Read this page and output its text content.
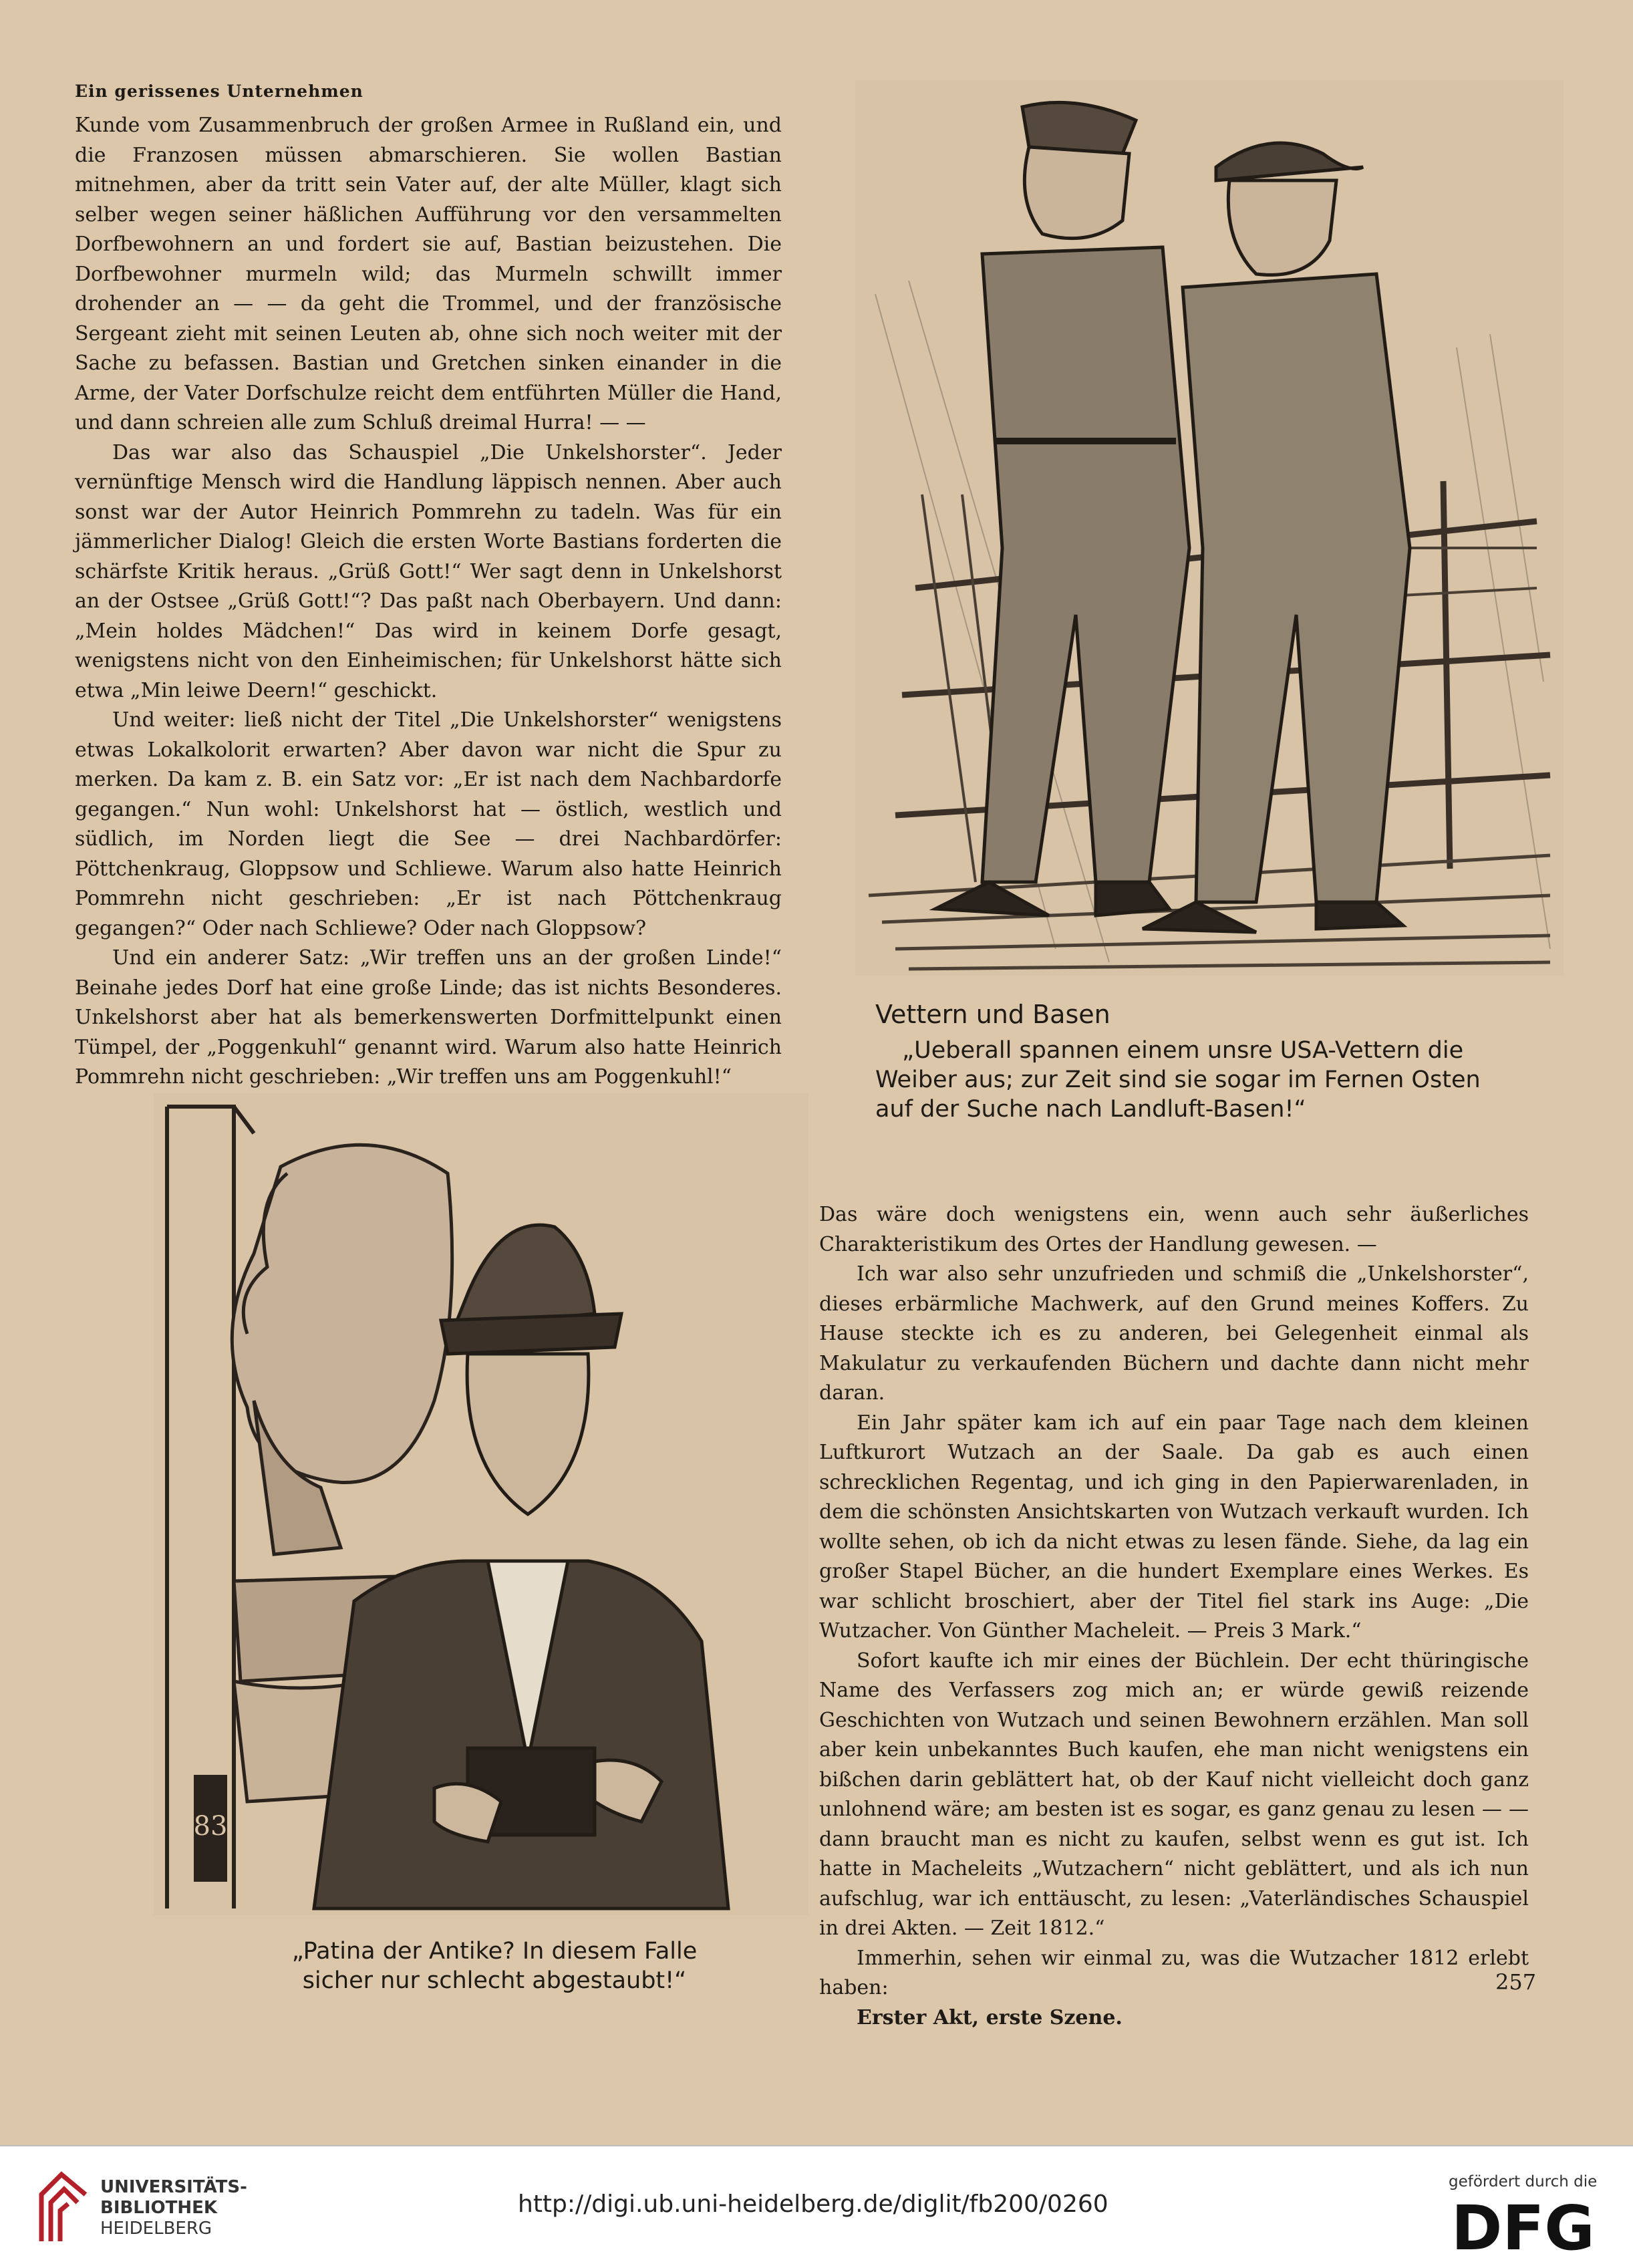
Ein gerissenes Unternehmen

Kunde vom Zusammenbruch der großen Armee in Rußland ein, und die Franzosen müssen abmarschieren. Sie wollen Bastian mitnehmen, aber da tritt sein Vater auf, der alte Müller, klagt sich selber wegen seiner häßlichen Aufführung vor den versammelten Dorfbewohnern an und fordert sie auf, Bastian beizustehen. Die Dorfbewohner murmeln wild; das Murmeln schwillt immer drohender an — — da geht die Trommel, und der französische Sergeant zieht mit seinen Leuten ab, ohne sich noch weiter mit der Sache zu befassen. Bastian und Gretchen sinken einander in die Arme, der Vater Dorfschulze reicht dem entführten Müller die Hand, und dann schreien alle zum Schluß dreimal Hurra! — —

Das war also das Schauspiel „Die Unkelshorster“. Jeder vernünftige Mensch wird die Handlung läppisch nennen. Aber auch sonst war der Autor Heinrich Pommrehn zu tadeln. Was für ein jämmerlicher Dialog! Gleich die ersten Worte Bastians forderten die schärfste Kritik heraus. „Grüß Gott!“ Wer sagt denn in Unkelshorst an der Ostsee „Grüß Gott!“? Das paßt nach Oberbayern. Und dann: „Mein holdes Mädchen!“ Das wird in keinem Dorfe gesagt, wenigstens nicht von den Einheimischen; für Unkelshorst hätte sich etwa „Min leiwe Deern!“ geschickt.

Und weiter: ließ nicht der Titel „Die Unkelshorster“ wenigstens etwas Lokalkolorit erwarten? Aber davon war nicht die Spur zu merken. Da kam z. B. ein Satz vor: „Er ist nach dem Nachbardorfe gegangen.“ Nun wohl: Unkelshorst hat — östlich, westlich und südlich, im Norden liegt die See — drei Nachbardörfer: Pöttchenkraug, Gloppsow und Schliewe. Warum also hatte Heinrich Pommrehn nicht geschrieben: „Er ist nach Pöttchenkraug gegangen?“ Oder nach Schliewe? Oder nach Gloppsow?

Und ein anderer Satz: „Wir treffen uns an der großen Linde!“ Beinahe jedes Dorf hat eine große Linde; das ist nichts Besonderes. Unkelshorst aber hat als bemerkenswerten Dorfmittelpunkt einen Tümpel, der „Poggenkuhl“ genannt wird. Warum also hatte Heinrich Pommrehn nicht geschrieben: „Wir treffen uns am Poggenkuhl!“

Vettern und Basen
„Ueberall spannen einem unsre USA-Vettern die
Weiber aus; zur Zeit sind sie sogar im Fernen Osten
auf der Suche nach Landluft-Basen!“
83
„Patina der Antike? In diesem Falle
sicher nur schlecht abgestaubt!“

Das wäre doch wenigstens ein, wenn auch sehr äußerliches Charakteristikum des Ortes der Handlung gewesen. —

Ich war also sehr unzufrieden und schmiß die „Unkelshorster“, dieses erbärmliche Machwerk, auf den Grund meines Koffers. Zu Hause steckte ich es zu anderen, bei Gelegenheit einmal als Makulatur zu verkaufenden Büchern und dachte dann nicht mehr daran.

Ein Jahr später kam ich auf ein paar Tage nach dem kleinen Luftkurort Wutzach an der Saale. Da gab es auch einen schrecklichen Regentag, und ich ging in den Papierwarenladen, in dem die schönsten Ansichtskarten von Wutzach verkauft wurden. Ich wollte sehen, ob ich da nicht etwas zu lesen fände. Siehe, da lag ein großer Stapel Bücher, an die hundert Exemplare eines Werkes. Es war schlicht broschiert, aber der Titel fiel stark ins Auge: „Die Wutzacher. Von Günther Macheleit. — Preis 3 Mark.“

Sofort kaufte ich mir eines der Büchlein. Der echt thüringische Name des Verfassers zog mich an; er würde gewiß reizende Geschichten von Wutzach und seinen Bewohnern erzählen. Man soll aber kein unbekanntes Buch kaufen, ehe man nicht wenigstens ein bißchen darin geblättert hat, ob der Kauf nicht vielleicht doch ganz unlohnend wäre; am besten ist es sogar, es ganz genau zu lesen — — dann braucht man es nicht zu kaufen, selbst wenn es gut ist. Ich hatte in Macheleits „Wutzachern“ nicht geblättert, und als ich nun aufschlug, war ich enttäuscht, zu lesen: „Vaterländisches Schauspiel in drei Akten. — Zeit 1812.“

Immerhin, sehen wir einmal zu, was die Wutzacher 1812 erlebt haben:

Erster Akt, erste Szene.

257
UNIVERSITÄTS-
BIBLIOTHEK
HEIDELBERG
http://digi.ub.uni-heidelberg.de/diglit/fb200/0260
gefördert durch die
DFG
